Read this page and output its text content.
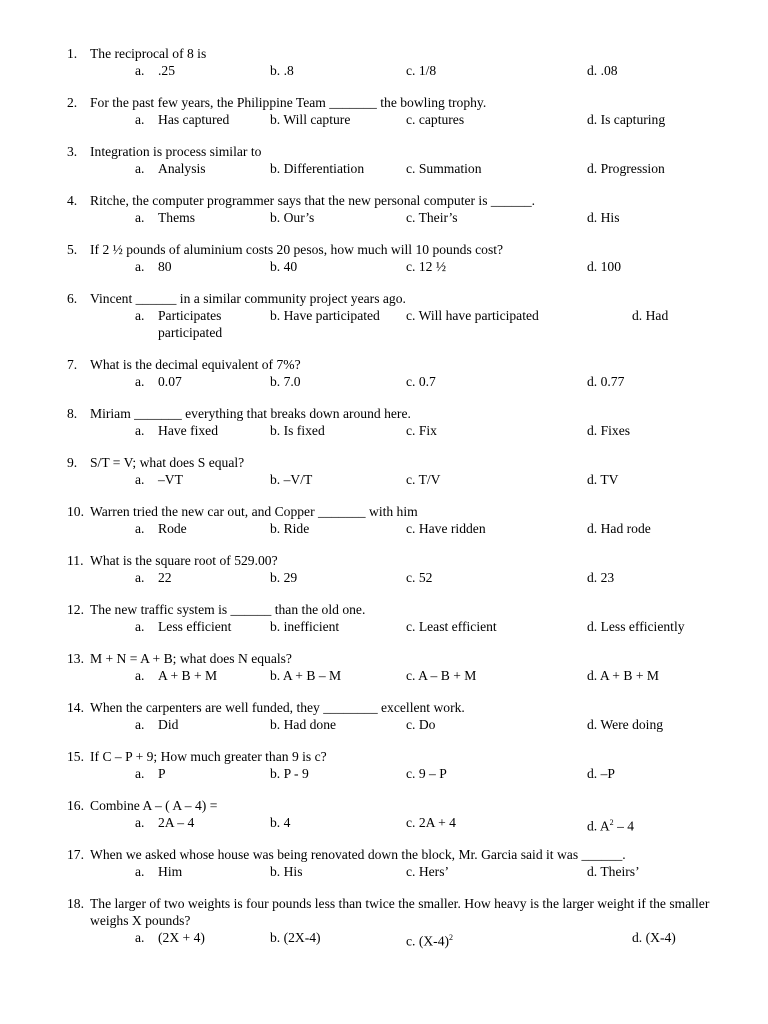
1. The reciprocal of 8 is
a. .25	b. .8	c. 1/8	d. .08
2. For the past few years, the Philippine Team _______ the bowling trophy.
a. Has captured	b. Will capture	c. captures	d. Is capturing
3. Integration is process similar to
a. Analysis	b. Differentiation	c. Summation	d. Progression
4. Ritche, the computer programmer says that the new personal computer is ______.
a. Thems	b. Our’s	c. Their’s	d. His
5. If 2 ½ pounds of aluminium costs 20 pesos, how much will 10 pounds cost?
a. 80	b. 40	c. 12 ½	d. 100
6. Vincent ______ in a similar community project years ago.
a. Participates	b. Have participated c. Will have participated	d. Had
participated
7. What is the decimal equivalent of 7%?
a. 0.07	b. 7.0	c. 0.7	d. 0.77
8. Miriam _______ everything that breaks down around here.
a. Have fixed	b. Is fixed	c. Fix	d. Fixes
9. S/T = V; what does S equal?
a. –VT	b. –V/T	c. T/V	d. TV
10. Warren tried the new car out, and Copper _______ with him
a. Rode	b. Ride	c. Have ridden	d. Had rode
11. What is the square root of 529.00?
a. 22	b. 29	c. 52	d. 23
12. The new traffic system is ______ than the old one.
a. Less efficient	b. inefficient	c. Least efficient	d. Less efficiently
13. M + N = A + B; what does N equals?
a. A + B + M	b. A + B – M	c. A – B + M	d. A + B + M
14. When the carpenters are well funded, they ________ excellent work.
a. Did	b. Had done	c. Do	d. Were doing
15. If C – P + 9; How much greater than 9 is c?
a. P	b. P - 9	c. 9 – P	d. –P
16. Combine A – ( A – 4) =
a. 2A – 4	b. 4	c. 2A + 4	d. $A^2 - 4$
17. When we asked whose house was being renovated down the block, Mr. Garcia said it was ______.
a. Him	b. His	c. Hers’	d. Theirs’
18. The larger of two weights is four pounds less than twice the smaller. How heavy is the larger weight if the smaller weighs X pounds?
a. (2X + 4)	b. (2X-4)	c. $(X-4)^2$	d. (X-4)
